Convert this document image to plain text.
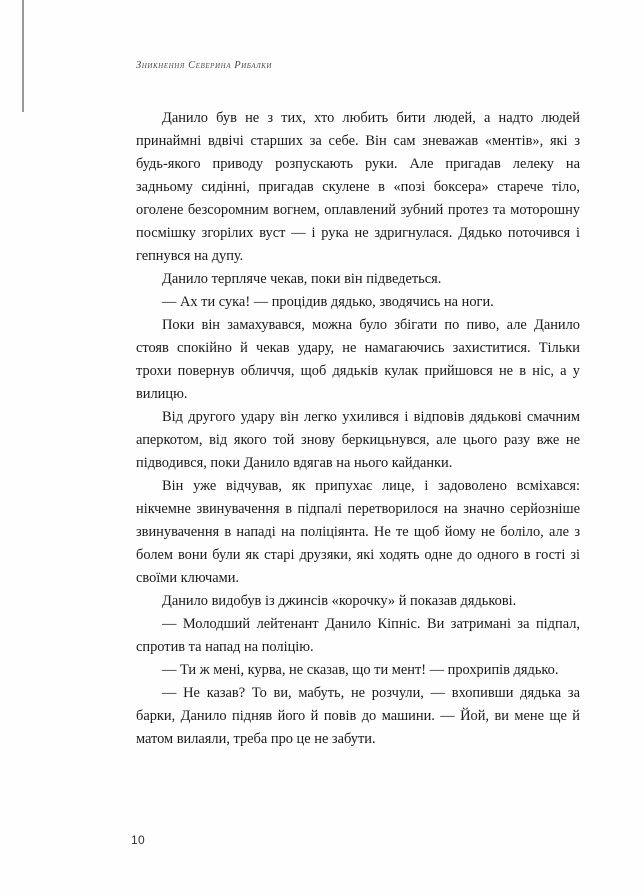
Зникнення Северина Рибалки

Данило був не з тих, хто любить бити людей, а надто людей принаймні вдвічі старших за себе. Він сам зневажав «ментів», які з будь-якого приводу розпускають руки. Але пригадав лелеку на задньому сидінні, пригадав скулене в «позі боксера» старече тіло, оголене безсоромним вогнем, оплавлений зубний протез та моторошну посмішку згорілих вуст — і рука не здригнулася. Дядько поточився і гепнувся на дупу.

Данило терпляче чекав, поки він підведеться.

— Ах ти сука! — процідив дядько, зводячись на ноги.

Поки він замахувався, можна було збігати по пиво, але Данило стояв спокійно й чекав удару, не намагаючись захиститися. Тільки трохи повернув обличчя, щоб дядьків кулак прийшовся не в ніс, а у вилицю.

Від другого удару він легко ухилився і відповів дядькові смачним аперкотом, від якого той знову беркицьнувся, але цього разу вже не підводився, поки Данило вдягав на нього кайданки.

Він уже відчував, як припухає лице, і задоволено всміхався: нікчемне звинувачення в підпалі перетворилося на значно серйозніше звинувачення в нападі на поліціянта. Не те щоб йому не боліло, але з болем вони були як старі друзяки, які ходять одне до одного в гості зі своїми ключами.

Данило видобув із джинсів «корочку» й показав дядькові.

— Молодший лейтенант Данило Кіпніс. Ви затримані за підпал, спротив та напад на поліцію.

— Ти ж мені, курва, не сказав, що ти мент! — прохрипів дядько.

— Не казав? То ви, мабуть, не розчули, — вхопивши дядька за барки, Данило підняв його й повів до машини. — Йой, ви мене ще й матом вилаяли, треба про це не забути.

10
